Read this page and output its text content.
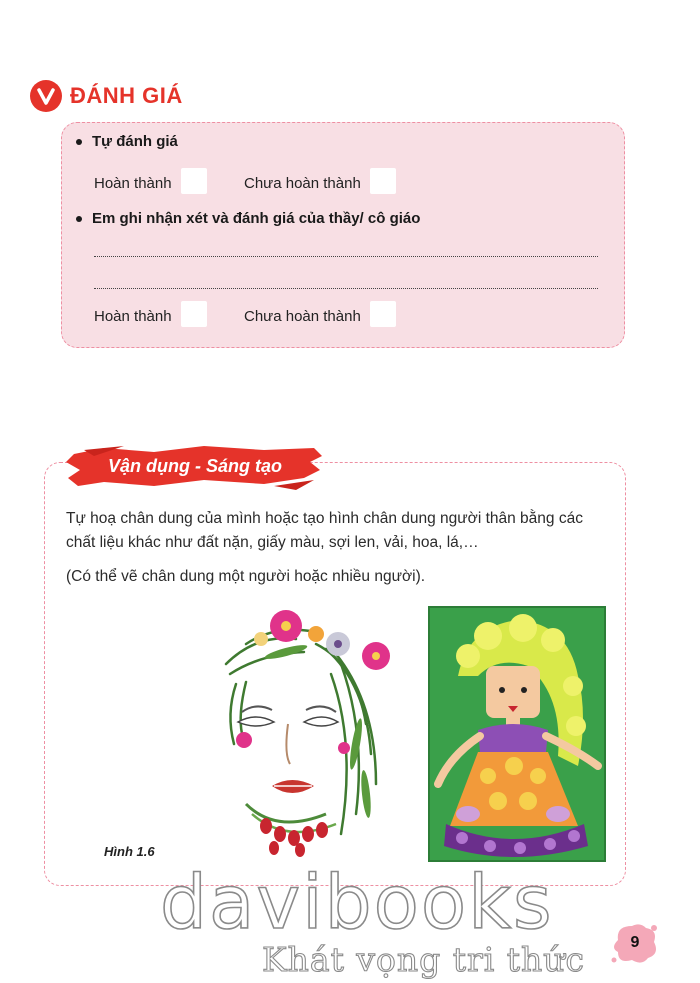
ĐÁNH GIÁ
Tự đánh giá
Hoàn thành	Chưa hoàn thành
Em ghi nhận xét và đánh giá của thầy/ cô giáo
Hoàn thành	Chưa hoàn thành
Vận dụng - Sáng tạo
Tự hoạ chân dung của mình hoặc tạo hình chân dung người thân bằng các
chất liệu khác như đất nặn, giấy màu, sợi len, vải, hoa, lá,…
(Có thể vẽ chân dung một người hoặc nhiều người).
Hình 1.6
davibooks
Khát vọng tri thức	9
